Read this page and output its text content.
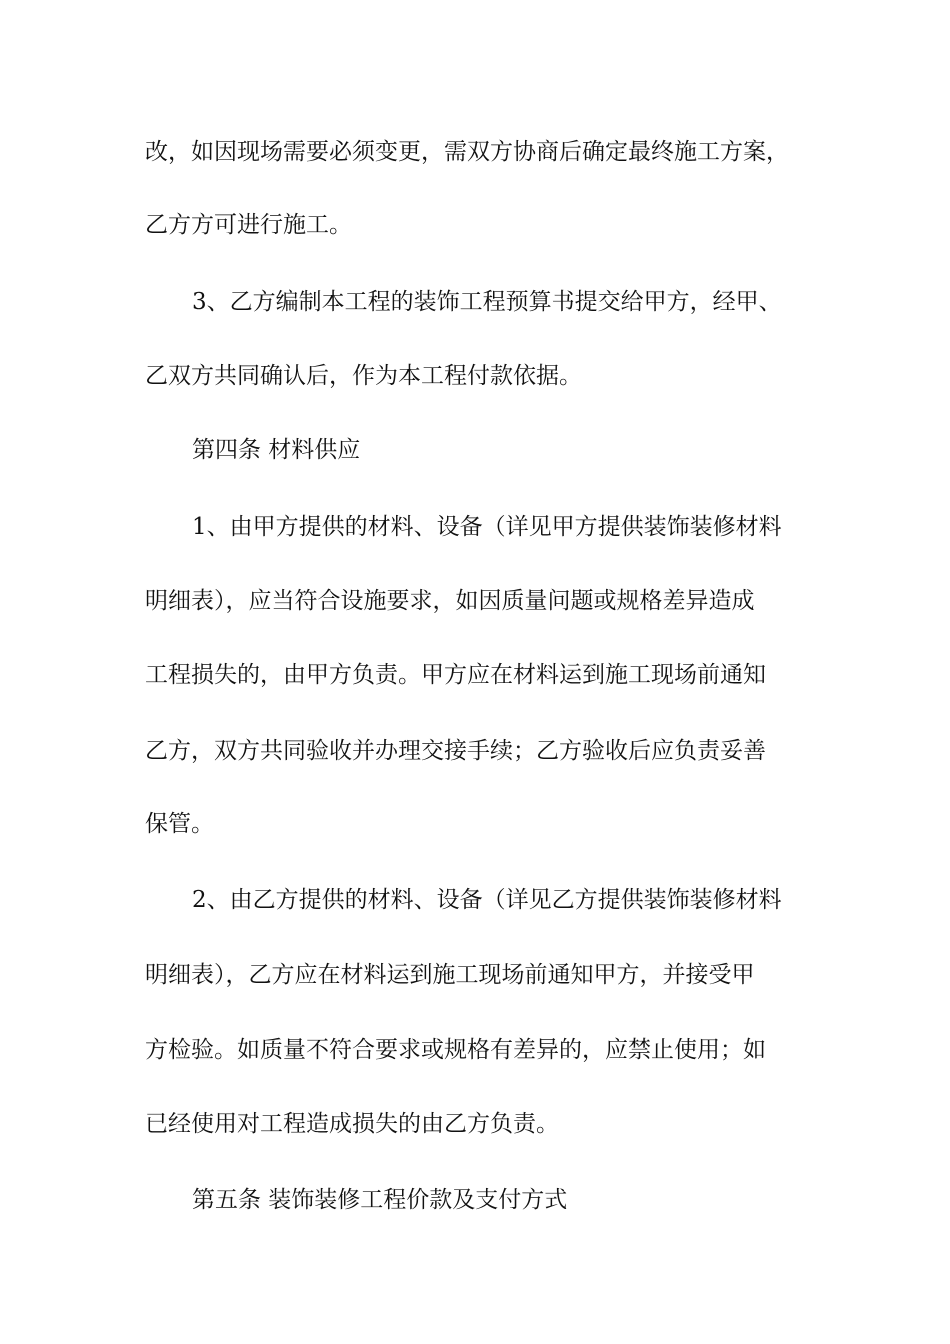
改，如因现场需要必须变更，需双方协商后确定最终施工方案，

乙方方可进行施工。

3、乙方编制本工程的装饰工程预算书提交给甲方，经甲、

乙双方共同确认后，作为本工程付款依据。

第四条 材料供应

1、由甲方提供的材料、设备（详见甲方提供装饰装修材料

明细表），应当符合设施要求，如因质量问题或规格差异造成

工程损失的，由甲方负责。甲方应在材料运到施工现场前通知

乙方，双方共同验收并办理交接手续；乙方验收后应负责妥善

保管。

2、由乙方提供的材料、设备（详见乙方提供装饰装修材料

明细表），乙方应在材料运到施工现场前通知甲方，并接受甲

方检验。如质量不符合要求或规格有差异的，应禁止使用；如

已经使用对工程造成损失的由乙方负责。

第五条 装饰装修工程价款及支付方式
